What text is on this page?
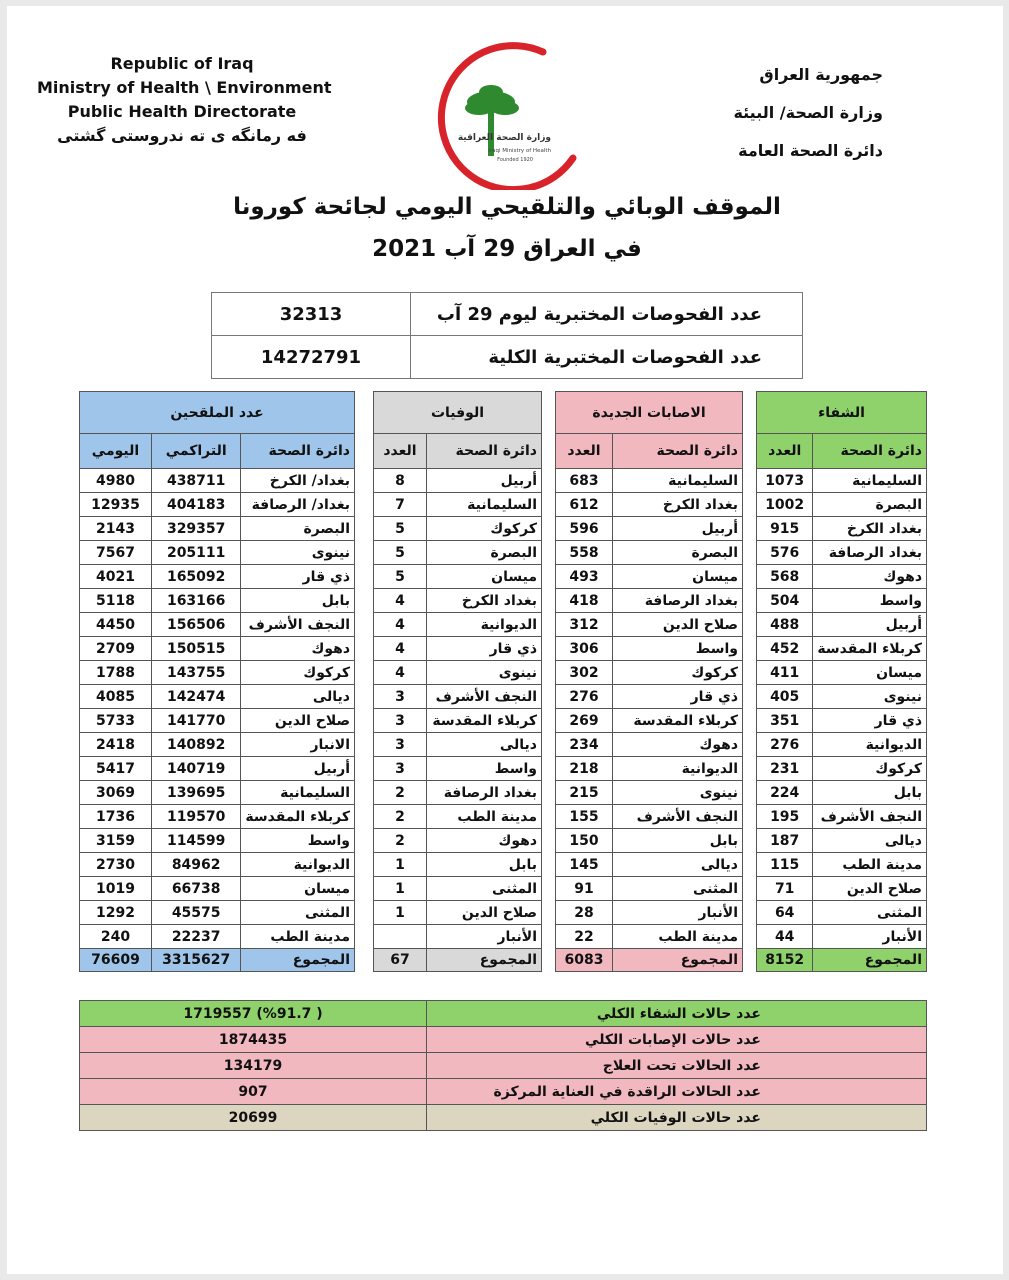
Republic of Iraq
Ministry of Health \ Environment
Public Health Directorate
فه رمانگه ى ته ندروستى گشتى
جمهورية العراق
وزارة الصحة/ البيئة
دائرة الصحة العامة
وزارة الصحة العراقية
Iraqi Ministry of Health
Founded 1920
الموقف الوبائي والتلقيحي اليومي لجائحة كورونا
في العراق 29 آب 2021
32313	عدد الفحوصات المختبرية ليوم 29 آب
14272791	عدد الفحوصات المختبرية الكلية
عدد الملقحين		
اليومي	التراكمي	دائرة الصحة
4980	438711	بغداد/ الكرخ
12935	404183	بغداد/ الرصافة
2143	329357	البصرة
7567	205111	نينوى
4021	165092	ذي قار
5118	163166	بابل
4450	156506	النجف الأشرف
2709	150515	دهوك
1788	143755	كركوك
4085	142474	ديالى
5733	141770	صلاح الدين
2418	140892	الانبار
5417	140719	أربيل
3069	139695	السليمانية
1736	119570	كربلاء المقدسة
3159	114599	واسط
2730	84962	الديوانية
1019	66738	ميسان
1292	45575	المثنى
240	22237	مدينة الطب
76609	3315627	المجموع
الوفيات	
العدد	دائرة الصحة
8	أربيل
7	السليمانية
5	كركوك
5	البصرة
5	ميسان
4	بغداد الكرخ
4	الديوانية
4	ذي قار
4	نينوى
3	النجف الأشرف
3	كربلاء المقدسة
3	ديالى
3	واسط
2	بغداد الرصافة
2	مدينة الطب
2	دهوك
1	بابل
1	المثنى
1	صلاح الدين
	الأنبار
67	المجموع
الاصابات الجديدة	
العدد	دائرة الصحة
683	السليمانية
612	بغداد الكرخ
596	أربيل
558	البصرة
493	ميسان
418	بغداد الرصافة
312	صلاح الدين
306	واسط
302	كركوك
276	ذي قار
269	كربلاء المقدسة
234	دهوك
218	الديوانية
215	نينوى
155	النجف الأشرف
150	بابل
145	ديالى
91	المثنى
28	الأنبار
22	مدينة الطب
6083	المجموع
الشفاء	
العدد	دائرة الصحة
1073	السليمانية
1002	البصرة
915	بغداد الكرخ
576	بغداد الرصافة
568	دهوك
504	واسط
488	أربيل
452	كربلاء المقدسة
411	ميسان
405	نينوى
351	ذي قار
276	الديوانية
231	كركوك
224	بابل
195	النجف الأشرف
187	ديالى
115	مدينة الطب
71	صلاح الدين
64	المثنى
44	الأنبار
8152	المجموع
1719557 (%91.7 )	عدد حالات الشفاء الكلي
1874435	عدد حالات الإصابات الكلي
134179	عدد الحالات تحت العلاج
907	عدد الحالات الراقدة في العناية المركزة
20699	عدد حالات الوفيات الكلي
